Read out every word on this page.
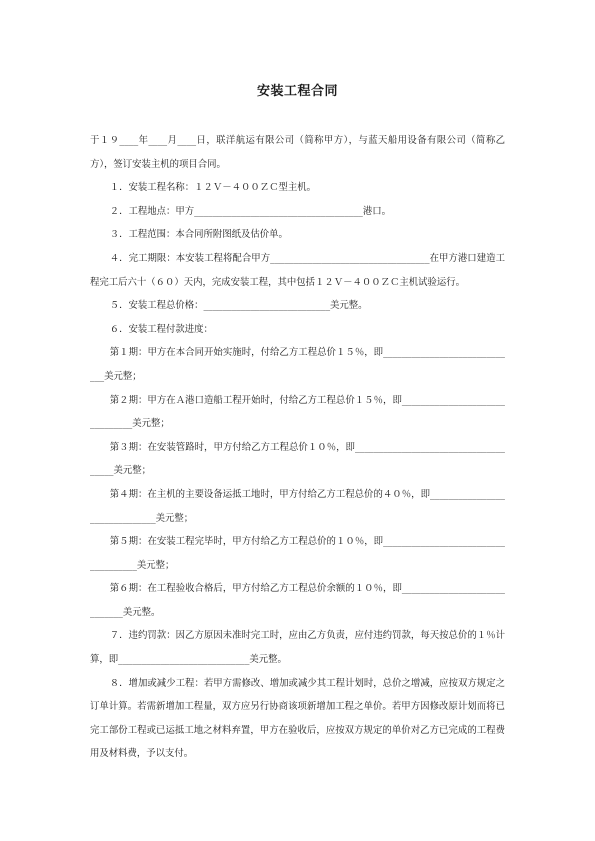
安装工程合同

于１９____年____月____日，联洋航运有限公司（简称甲方），与蓝天船用设备有限公司（简称乙方），签订安装主机的项目合同。

１．安装工程名称：１２Ｖ－４００ＺＣ型主机。

２．工程地点：甲方____________________________________港口。

３．工程范围：本合同所附图纸及估价单。

４．完工期限：本安装工程将配合甲方__________________________________在甲方港口建造工程完工后六十（６０）天内，完成安装工程，其中包括１２Ｖ－４００ＺＣ主机试验运行。

５．安装工程总价格：___________________________美元整。

６．安装工程付款进度：

第１期：甲方在本合同开始实施时，付给乙方工程总价１５％，即_____________________________美元整；

第２期：甲方在Ａ港口造船工程开始时，付给乙方工程总价１５％，即_______________________________美元整；

第３期：在安装管路时，甲方付给乙方工程总价１０％，即_____________________________________美元整；

第４期：在主机的主要设备运抵工地时，甲方付给乙方工程总价的４０％，即______________________________美元整；

第５期：在安装工程完毕时，甲方付给乙方工程总价的１０％，即____________________________________美元整；

第６期：在工程验收合格后，甲方付给乙方工程总价余额的１０％，即_____________________________美元整。

７．违约罚款：因乙方原因未准时完工时，应由乙方负责，应付违约罚款，每天按总价的１％计算，即____________________________美元整。

８．增加或减少工程：若甲方需修改、增加或减少其工程计划时，总价之增减，应按双方规定之订单计算。若需新增加工程量，双方应另行协商该项新增加工程之单价。若甲方因修改原计划而将已完工部份工程或已运抵工地之材料弃置，甲方在验收后，应按双方规定的单价对乙方已完成的工程费用及材料费，予以支付。
